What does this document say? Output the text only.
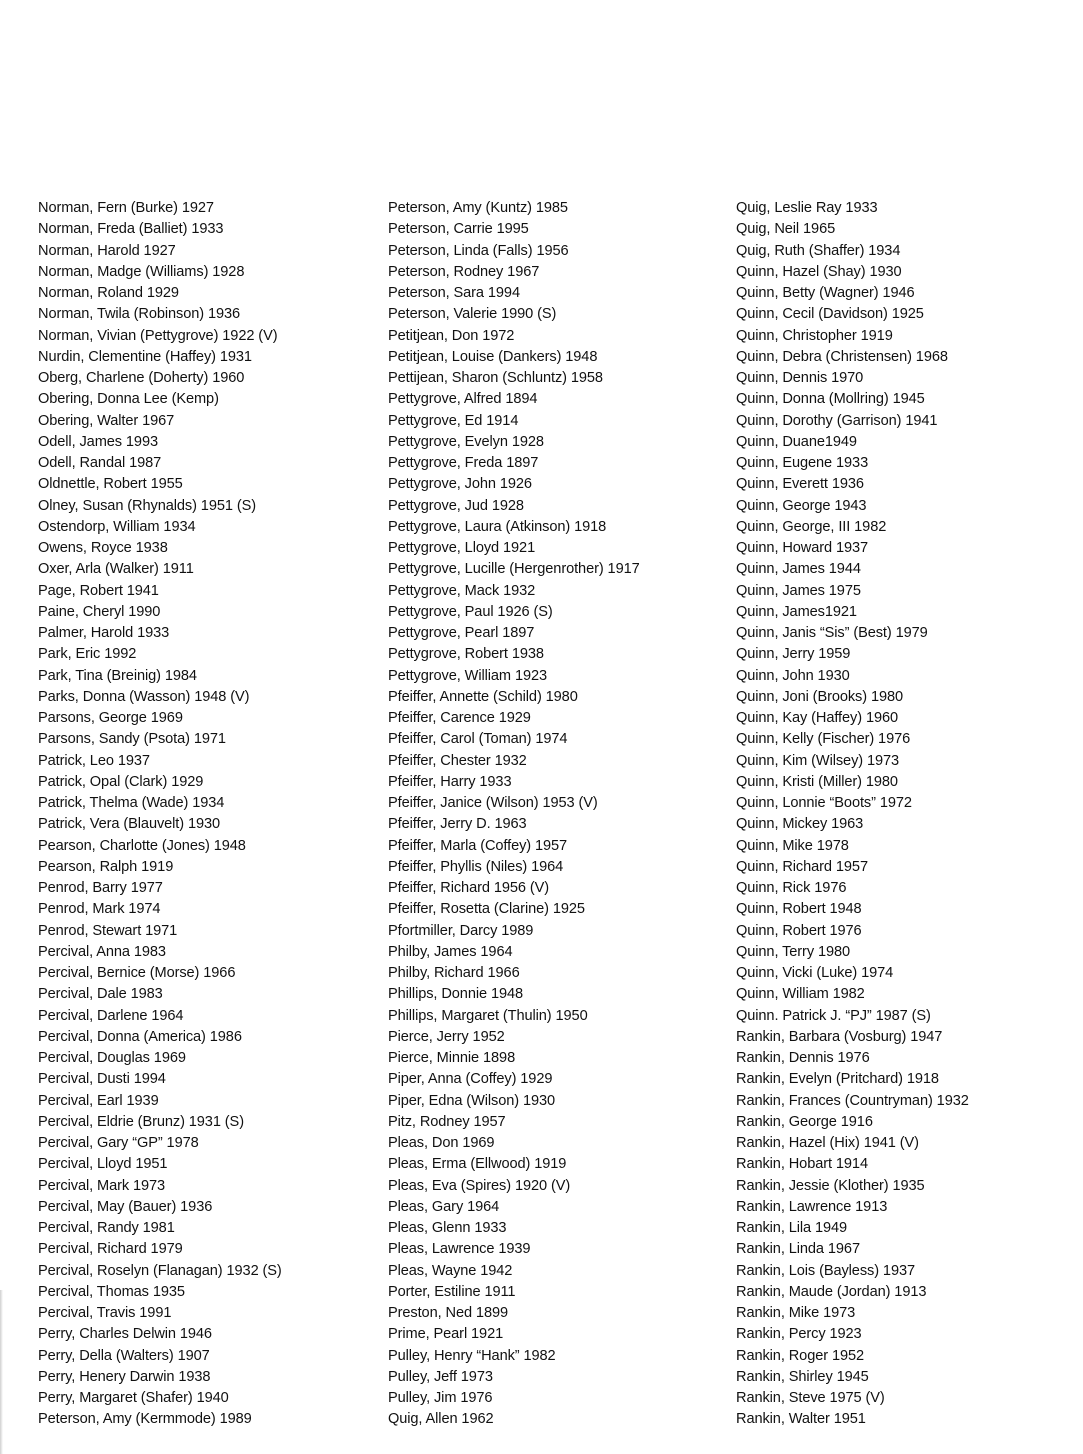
Norman, Fern (Burke) 1927
Norman, Freda (Balliet) 1933
Norman, Harold 1927
Norman, Madge (Williams) 1928
Norman, Roland 1929
Norman, Twila (Robinson) 1936
Norman, Vivian (Pettygrove) 1922 (V)
Nurdin, Clementine (Haffey) 1931
Oberg, Charlene (Doherty) 1960
Obering, Donna Lee (Kemp)
Obering, Walter 1967
Odell, James 1993
Odell, Randal 1987
Oldnettle, Robert 1955
Olney, Susan (Rhynalds) 1951 (S)
Ostendorp, William 1934
Owens, Royce 1938
Oxer, Arla (Walker) 1911
Page, Robert 1941
Paine, Cheryl 1990
Palmer, Harold 1933
Park, Eric 1992
Park, Tina (Breinig) 1984
Parks, Donna (Wasson) 1948 (V)
Parsons, George 1969
Parsons, Sandy (Psota) 1971
Patrick, Leo 1937
Patrick, Opal (Clark) 1929
Patrick, Thelma (Wade) 1934
Patrick, Vera (Blauvelt) 1930
Pearson, Charlotte (Jones) 1948
Pearson, Ralph 1919
Penrod, Barry 1977
Penrod, Mark 1974
Penrod, Stewart 1971
Percival, Anna 1983
Percival, Bernice (Morse) 1966
Percival, Dale 1983
Percival, Darlene 1964
Percival, Donna (America) 1986
Percival, Douglas 1969
Percival, Dusti 1994
Percival, Earl 1939
Percival, Eldrie (Brunz) 1931 (S)
Percival, Gary “GP” 1978
Percival, Lloyd 1951
Percival, Mark 1973
Percival, May (Bauer) 1936
Percival, Randy 1981
Percival, Richard 1979
Percival, Roselyn (Flanagan) 1932 (S)
Percival, Thomas 1935
Percival, Travis 1991
Perry, Charles Delwin 1946
Perry, Della (Walters) 1907
Perry, Henery Darwin 1938
Perry, Margaret (Shafer) 1940
Peterson, Amy (Kermmode) 1989
Peterson, Amy (Kuntz) 1985
Peterson, Carrie 1995
Peterson, Linda (Falls) 1956
Peterson, Rodney 1967
Peterson, Sara 1994
Peterson, Valerie 1990 (S)
Petitjean, Don 1972
Petitjean, Louise (Dankers) 1948
Pettijean, Sharon (Schluntz) 1958
Pettygrove, Alfred 1894
Pettygrove, Ed 1914
Pettygrove, Evelyn 1928
Pettygrove, Freda 1897
Pettygrove, John 1926
Pettygrove, Jud 1928
Pettygrove, Laura (Atkinson) 1918
Pettygrove, Lloyd 1921
Pettygrove, Lucille (Hergenrother) 1917
Pettygrove, Mack 1932
Pettygrove, Paul 1926 (S)
Pettygrove, Pearl 1897
Pettygrove, Robert 1938
Pettygrove, William 1923
Pfeiffer, Annette (Schild) 1980
Pfeiffer, Carence 1929
Pfeiffer, Carol (Toman) 1974
Pfeiffer, Chester 1932
Pfeiffer, Harry 1933
Pfeiffer, Janice (Wilson) 1953 (V)
Pfeiffer, Jerry D. 1963
Pfeiffer, Marla (Coffey) 1957
Pfeiffer, Phyllis (Niles) 1964
Pfeiffer, Richard 1956 (V)
Pfeiffer, Rosetta (Clarine) 1925
Pfortmiller, Darcy 1989
Philby, James 1964
Philby, Richard 1966
Phillips, Donnie 1948
Phillips, Margaret (Thulin) 1950
Pierce, Jerry 1952
Pierce, Minnie 1898
Piper, Anna (Coffey) 1929
Piper, Edna (Wilson) 1930
Pitz, Rodney 1957
Pleas, Don 1969
Pleas, Erma (Ellwood) 1919
Pleas, Eva (Spires) 1920 (V)
Pleas, Gary 1964
Pleas, Glenn 1933
Pleas, Lawrence 1939
Pleas, Wayne 1942
Porter, Estiline 1911
Preston, Ned 1899
Prime, Pearl 1921
Pulley, Henry “Hank” 1982
Pulley, Jeff 1973
Pulley, Jim 1976
Quig, Allen 1962
Quig, Leslie Ray 1933
Quig, Neil 1965
Quig, Ruth (Shaffer) 1934
Quinn, Hazel (Shay) 1930
Quinn, Betty (Wagner) 1946
Quinn, Cecil (Davidson) 1925
Quinn, Christopher 1919
Quinn, Debra (Christensen) 1968
Quinn, Dennis 1970
Quinn, Donna (Mollring) 1945
Quinn, Dorothy (Garrison) 1941
Quinn, Duane1949
Quinn, Eugene 1933
Quinn, Everett 1936
Quinn, George 1943
Quinn, George, III 1982
Quinn, Howard 1937
Quinn, James 1944
Quinn, James 1975
Quinn, James1921
Quinn, Janis “Sis” (Best) 1979
Quinn, Jerry 1959
Quinn, John 1930
Quinn, Joni (Brooks) 1980
Quinn, Kay (Haffey) 1960
Quinn, Kelly (Fischer) 1976
Quinn, Kim (Wilsey) 1973
Quinn, Kristi (Miller) 1980
Quinn, Lonnie “Boots” 1972
Quinn, Mickey 1963
Quinn, Mike 1978
Quinn, Richard 1957
Quinn, Rick 1976
Quinn, Robert 1948
Quinn, Robert 1976
Quinn, Terry 1980
Quinn, Vicki (Luke) 1974
Quinn, William 1982
Quinn. Patrick J. “PJ” 1987 (S)
Rankin, Barbara (Vosburg) 1947
Rankin, Dennis 1976
Rankin, Evelyn (Pritchard) 1918
Rankin, Frances (Countryman) 1932
Rankin, George 1916
Rankin, Hazel (Hix) 1941 (V)
Rankin, Hobart 1914
Rankin, Jessie (Klother) 1935
Rankin, Lawrence 1913
Rankin, Lila 1949
Rankin, Linda 1967
Rankin, Lois (Bayless) 1937
Rankin, Maude (Jordan) 1913
Rankin, Mike 1973
Rankin, Percy 1923
Rankin, Roger 1952
Rankin, Shirley 1945
Rankin, Steve 1975 (V)
Rankin, Walter 1951
